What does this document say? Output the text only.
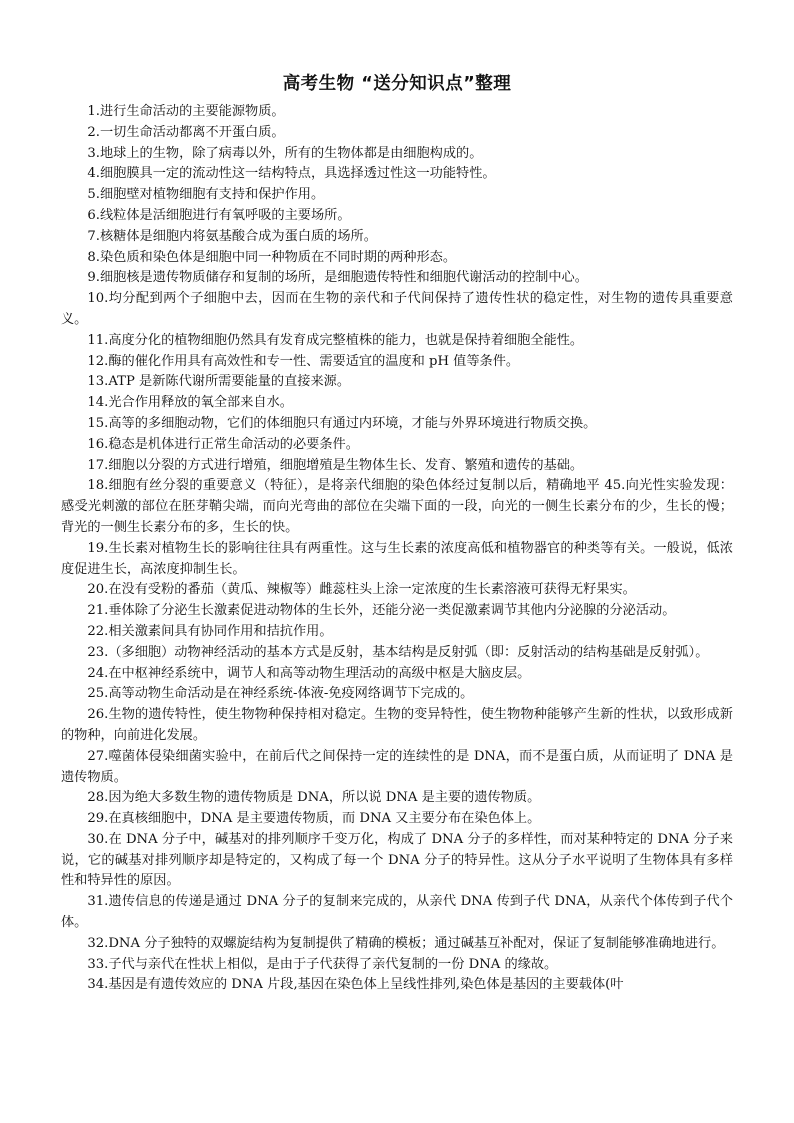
高考生物 “送分知识点”整理

1.进行生命活动的主要能源物质。

2.一切生命活动都离不开蛋白质。

3.地球上的生物，除了病毒以外，所有的生物体都是由细胞构成的。

4.细胞膜具一定的流动性这一结构特点，具选择透过性这一功能特性。

5.细胞壁对植物细胞有支持和保护作用。

6.线粒体是活细胞进行有氧呼吸的主要场所。

7.核糖体是细胞内将氨基酸合成为蛋白质的场所。

8.染色质和染色体是细胞中同一种物质在不同时期的两种形态。

9.细胞核是遗传物质储存和复制的场所，是细胞遗传特性和细胞代谢活动的控制中心。

10.均分配到两个子细胞中去，因而在生物的亲代和子代间保持了遗传性状的稳定性，对生物的遗传具重要意义。

11.高度分化的植物细胞仍然具有发育成完整植株的能力，也就是保持着细胞全能性。

12.酶的催化作用具有高效性和专一性、需要适宜的温度和 pH 值等条件。

13.ATP 是新陈代谢所需要能量的直接来源。

14.光合作用释放的氧全部来自水。

15.高等的多细胞动物，它们的体细胞只有通过内环境，才能与外界环境进行物质交换。

16.稳态是机体进行正常生命活动的必要条件。

17.细胞以分裂的方式进行增殖，细胞增殖是生物体生长、发育、繁殖和遗传的基础。

18.细胞有丝分裂的重要意义（特征），是将亲代细胞的染色体经过复制以后，精确地平 45.向光性实验发现：感受光刺激的部位在胚芽鞘尖端，而向光弯曲的部位在尖端下面的一段，向光的一侧生长素分布的少，生长的慢；背光的一侧生长素分布的多，生长的快。

19.生长素对植物生长的影响往往具有两重性。这与生长素的浓度高低和植物器官的种类等有关。一般说，低浓度促进生长，高浓度抑制生长。

20.在没有受粉的番茄（黄瓜、辣椒等）雌蕊柱头上涂一定浓度的生长素溶液可获得无籽果实。

21.垂体除了分泌生长激素促进动物体的生长外，还能分泌一类促激素调节其他内分泌腺的分泌活动。

22.相关激素间具有协同作用和拮抗作用。

23.（多细胞）动物神经活动的基本方式是反射，基本结构是反射弧（即：反射活动的结构基础是反射弧）。

24.在中枢神经系统中，调节人和高等动物生理活动的高级中枢是大脑皮层。

25.高等动物生命活动是在神经系统-体液-免疫网络调节下完成的。

26.生物的遗传特性，使生物物种保持相对稳定。生物的变异特性，使生物物种能够产生新的性状，以致形成新的物种，向前进化发展。

27.噬菌体侵染细菌实验中，在前后代之间保持一定的连续性的是 DNA，而不是蛋白质，从而证明了 DNA 是遗传物质。

28.因为绝大多数生物的遗传物质是 DNA，所以说 DNA 是主要的遗传物质。

29.在真核细胞中，DNA 是主要遗传物质，而 DNA 又主要分布在染色体上。

30.在 DNA 分子中，碱基对的排列顺序千变万化，构成了 DNA 分子的多样性，而对某种特定的 DNA 分子来说，它的碱基对排列顺序却是特定的，又构成了每一个 DNA 分子的特异性。这从分子水平说明了生物体具有多样性和特异性的原因。

31.遗传信息的传递是通过 DNA 分子的复制来完成的，从亲代 DNA 传到子代 DNA，从亲代个体传到子代个体。

32.DNA 分子独特的双螺旋结构为复制提供了精确的模板；通过碱基互补配对，保证了复制能够准确地进行。

33.子代与亲代在性状上相似，是由于子代获得了亲代复制的一份 DNA 的缘故。

34.基因是有遗传效应的 DNA 片段,基因在染色体上呈线性排列,染色体是基因的主要载体(叶
